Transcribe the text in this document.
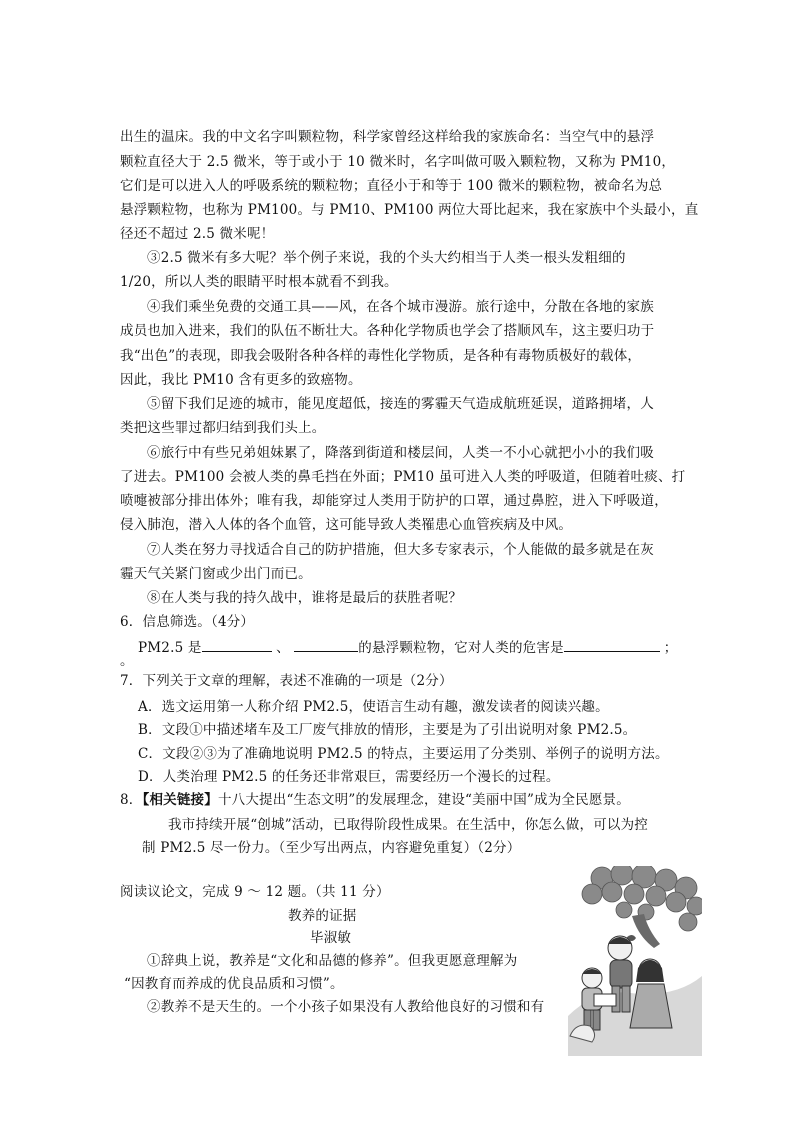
出生的温床。我的中文名字叫颗粒物，科学家曾经这样给我的家族命名：当空气中的悬浮
颗粒直径大于 2.5 微米，等于或小于 10 微米时，名字叫做可吸入颗粒物，又称为 PM10，
它们是可以进入人的呼吸系统的颗粒物；直径小于和等于 100 微米的颗粒物，被命名为总
悬浮颗粒物，也称为 PM100。与 PM10、PM100 两位大哥比起来，我在家族中个头最小，直
径还不超过 2.5 微米呢！
③2.5 微米有多大呢？举个例子来说，我的个头大约相当于人类一根头发粗细的
1/20，所以人类的眼睛平时根本就看不到我。
④我们乘坐免费的交通工具——风，在各个城市漫游。旅行途中，分散在各地的家族
成员也加入进来，我们的队伍不断壮大。各种化学物质也学会了搭顺风车，这主要归功于
我“出色”的表现，即我会吸附各种各样的毒性化学物质，是各种有毒物质极好的载体，
因此，我比 PM10 含有更多的致癌物。
⑤留下我们足迹的城市，能见度超低，接连的雾霾天气造成航班延误，道路拥堵，人
类把这些罪过都归结到我们头上。
⑥旅行中有些兄弟姐妹累了，降落到街道和楼层间，人类一不小心就把小小的我们吸
了进去。PM100 会被人类的鼻毛挡在外面；PM10 虽可进入人类的呼吸道，但随着吐痰、打
喷嚏被部分排出体外；唯有我，却能穿过人类用于防护的口罩，通过鼻腔，进入下呼吸道，
侵入肺泡，潜入人体的各个血管，这可能导致人类罹患心血管疾病及中风。
⑦人类在努力寻找适合自己的防护措施，但大多专家表示，个人能做的最多就是在灰
霾天气关紧门窗或少出门而已。
⑧在人类与我的持久战中，谁将是最后的获胜者呢？
6．信息筛选。（4分）
PM2.5 是	、	的悬浮颗粒物，它对人类的危害是	；
。
7．下列关于文章的理解，表述不准确的一项是（2分）
A．选文运用第一人称介绍 PM2.5，使语言生动有趣，激发读者的阅读兴趣。
B．文段①中描述堵车及工厂废气排放的情形，主要是为了引出说明对象 PM2.5。
C．文段②③为了准确地说明 PM2.5 的特点，主要运用了分类别、举例子的说明方法。
D．人类治理 PM2.5 的任务还非常艰巨，需要经历一个漫长的过程。
8．【相关链接】十八大提出“生态文明”的发展理念，建设“美丽中国”成为全民愿景。
我市持续开展“创城”活动，已取得阶段性成果。在生活中，你怎么做，可以为控
制 PM2.5 尽一份力。（至少写出两点，内容避免重复）（2分）
阅读议论文，完成 9 ～ 12 题。（共 11 分）
教养的证据
毕淑敏
①辞典上说，教养是“文化和品德的修养”。但我更愿意理解为
“因教育而养成的优良品质和习惯”。
②教养不是天生的。一个小孩子如果没有人教给他良好的习惯和有
